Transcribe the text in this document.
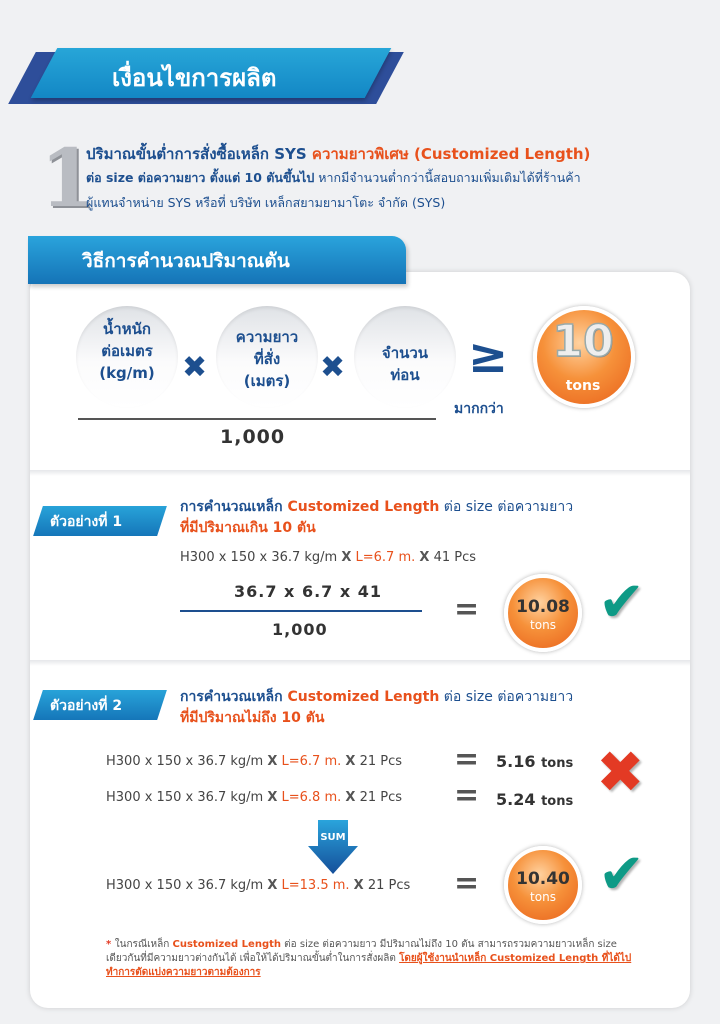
เงื่อนไขการผลิต
1
ปริมาณขั้นต่ำการสั่งซื้อเหล็ก SYS ความยาวพิเศษ (Customized Length)
ต่อ size ต่อความยาว ตั้งแต่ 10 ตันขึ้นไป หากมีจำนวนต่ำกว่านี้สอบถามเพิ่มเติมได้ที่ร้านค้า
ผู้แทนจำหน่าย SYS หรือที่ บริษัท เหล็กสยามยามาโตะ จำกัด (SYS)
วิธีการคำนวณปริมาณตัน
น้ำหนัก
ต่อเมตร
(kg/m) ✖
ความยาว
ที่สั่ง
(เมตร) ✖	จำนวน
ท่อน	≥
มากกว่า
10
tons
1,000
ตัวอย่างที่ 1
การคำนวณเหล็ก Customized Length ต่อ size ต่อความยาว
ที่มีปริมาณเกิน 10 ตัน
H300 x 150 x 36.7 kg/m X L=6.7 m. X 41 Pcs
36.7 x 6.7 x 41
1,000
=	10.08
tons ✔
ตัวอย่างที่ 2
การคำนวณเหล็ก Customized Length ต่อ size ต่อความยาว
ที่มีปริมาณไม่ถึง 10 ตัน
H300 x 150 x 36.7 kg/m X L=6.7 m. X 21 Pcs = 5.16 tons
H300 x 150 x 36.7 kg/m X L=6.8 m. X 21 Pcs = 5.24 tons ✖
SUM
H300 x 150 x 36.7 kg/m X L=13.5 m. X 21 Pcs =	10.40
tons ✔
* ในกรณีเหล็ก Customized Length ต่อ size ต่อความยาว มีปริมาณไม่ถึง 10 ตัน สามารถรวมความยาวเหล็ก size เดียวกันที่มีความยาวต่างกันได้ เพื่อให้ได้ปริมาณขั้นต่ำในการสั่งผลิต โดยผู้ใช้งานนำเหล็ก Customized Length ที่ได้ไปทำการตัดแบ่งความยาวตามต้องการ
